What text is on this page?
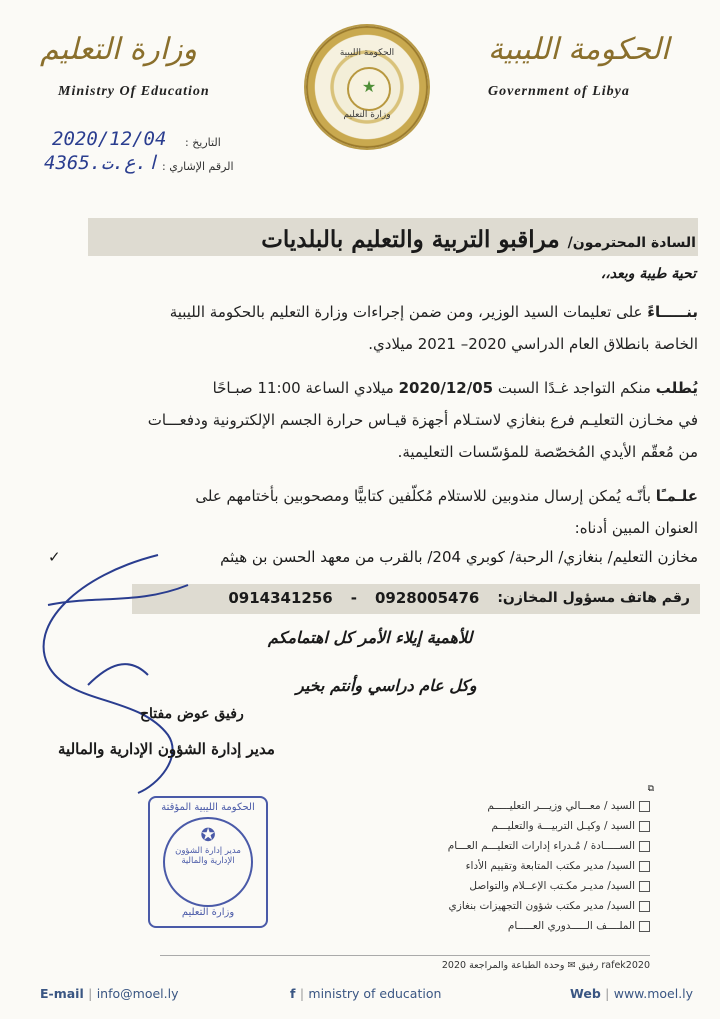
وزارة التعليم
Ministry Of Education
الحكومة الليبية
★
وزارة التعليم
الحكومة الليبية
Government of Libya
التاريخ :
2020/12/04
الرقم الإشاري :
4365.ا.ع.ت
السادة المحترمون/
مراقبو التربية والتعليم بالبلديات
تحية طيبة وبعد،،
بنـــــاءً على تعليمات السيد الوزير، ومن ضمن إجراءات وزارة التعليم بالحكومة الليبية
الخاصة بانطلاق العام الدراسي 2020– 2021 ميلادي.
يُطلب منكم التواجد غـدًا السبت 2020/12/05 ميلادي الساعة 11:00 صبـاحًا
في مخـازن التعليـم فرع بنغازي لاستـلام أجهزة قيـاس حرارة الجسم الإلكترونية ودفعـــات
من مُعقّم الأيدي المُخصّصة للمؤسّسات التعليمية.
علـمـًا بأنّـه يُمكن إرسال مندوبين للاستلام مُكلّفين كتابيًّا ومصحوبين بأختامهم على
العنوان المبين أدناه:
مخازن التعليم/ بنغازي/ الرحبة/ كوبري 204/ بالقرب من معهد الحسن بن هيثم
✓
رقم هاتف مسؤول المخازن:
0928005476
-
0914341256
للأهمية إيلاء الأمر كل اهتمامكم
وكل عام دراسي وأنتم بخير
رفيق عوض مفتاح
مدير إدارة الشؤون الإدارية والمالية
الحكومة الليبية المؤقتة
✪
مدير إدارة الشؤون
الإدارية والمالية
وزارة التعليم
⧉
السيد / معـــالي وزيـــر التعليـــــم
السيد / وكيـل التربيـــة والتعليـــم
الســـــادة / مُـدراء إدارات التعليـــم العـــام
السيد/ مدير مكتب المتابعة وتقييم الأداء
السيد/ مديـر مكـتب الإعــلام والتواصل
السيد/ مدير مكتب شؤون التجهيزات بنغازي
الملــــف الـــــدوري العـــــام
rafek2020 رفيق ✉ وحدة الطباعة والمراجعة 2020
E-mail | info@moel.ly	f | ministry of education	Web | www.moel.ly
